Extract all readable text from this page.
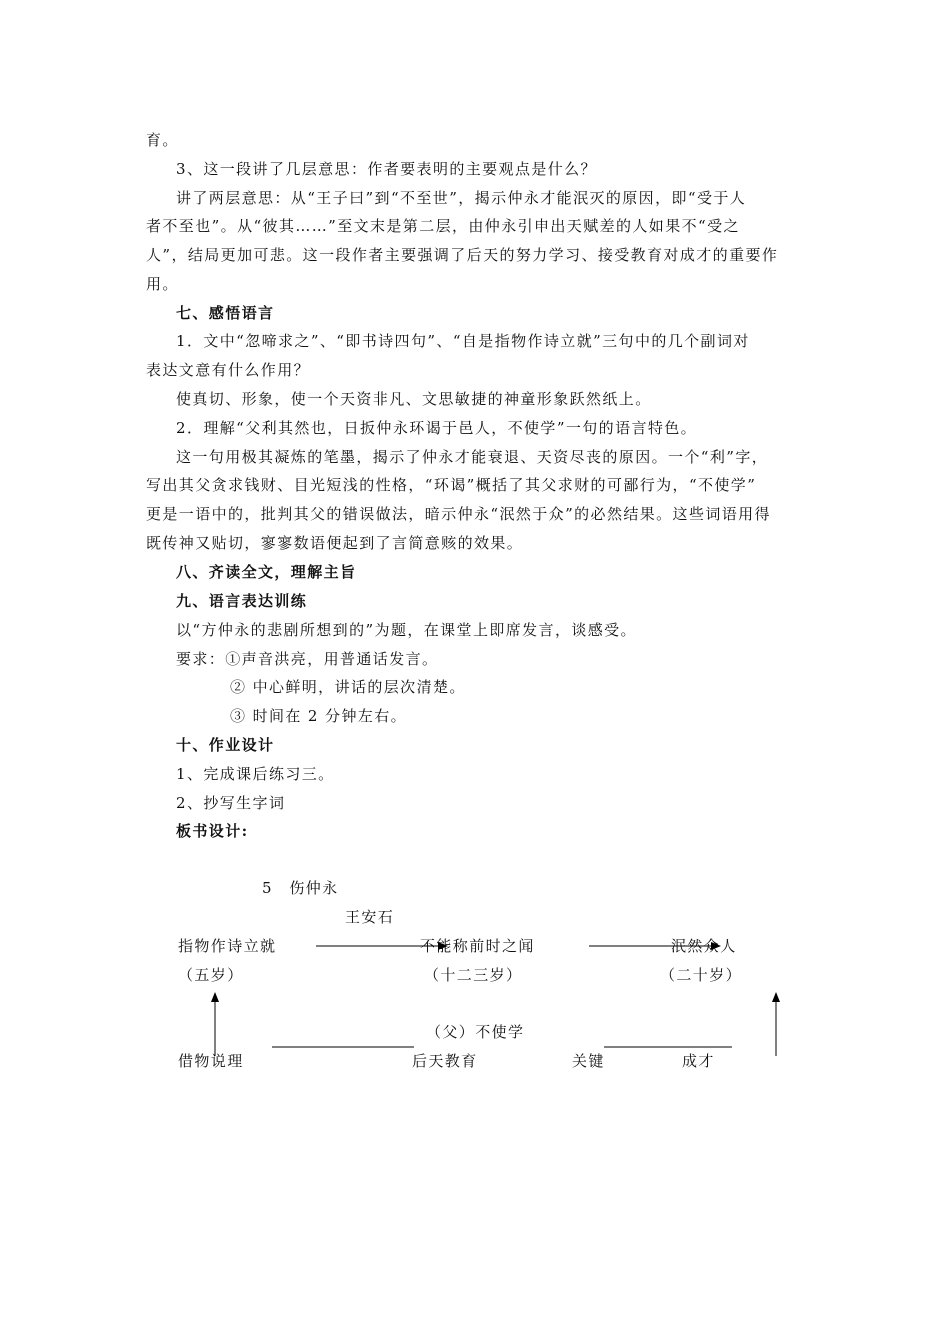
育。
3、这一段讲了几层意思：作者要表明的主要观点是什么？
讲了两层意思：从“王子曰”到“不至世”，揭示仲永才能泯灭的原因，即“受于人
者不至也”。从“彼其……”至文末是第二层，由仲永引申出天赋差的人如果不“受之
人”，结局更加可悲。这一段作者主要强调了后天的努力学习、接受教育对成才的重要作
用。
七、感悟语言
1．文中“忽啼求之”、“即书诗四句”、“自是指物作诗立就”三句中的几个副词对
表达文意有什么作用？
使真切、形象，使一个天资非凡、文思敏捷的神童形象跃然纸上。
2．理解“父利其然也，日扳仲永环谒于邑人，不使学”一句的语言特色。
这一句用极其凝炼的笔墨，揭示了仲永才能衰退、天资尽丧的原因。一个“利”字，
写出其父贪求钱财、目光短浅的性格，“环谒”概括了其父求财的可鄙行为，“不使学”
更是一语中的，批判其父的错误做法，暗示仲永“泯然于众”的必然结果。这些词语用得
既传神又贴切，寥寥数语便起到了言简意赅的效果。
八、齐读全文，理解主旨
九、语言表达训练
以“方仲永的悲剧所想到的”为题，在课堂上即席发言，谈感受。
要求：①声音洪亮，用普通话发言。
② 中心鲜明，讲话的层次清楚。
③ 时间在 2 分钟左右。
十、作业设计
1、完成课后练习三。
2、抄写生字词
板书设计:
5　伤仲永
王安石
指物作诗立就	不能称前时之闻	泯然众人
（五岁）	（十二三岁）	（二十岁）
（父）不使学
借物说理	后天教育	关键	成才
